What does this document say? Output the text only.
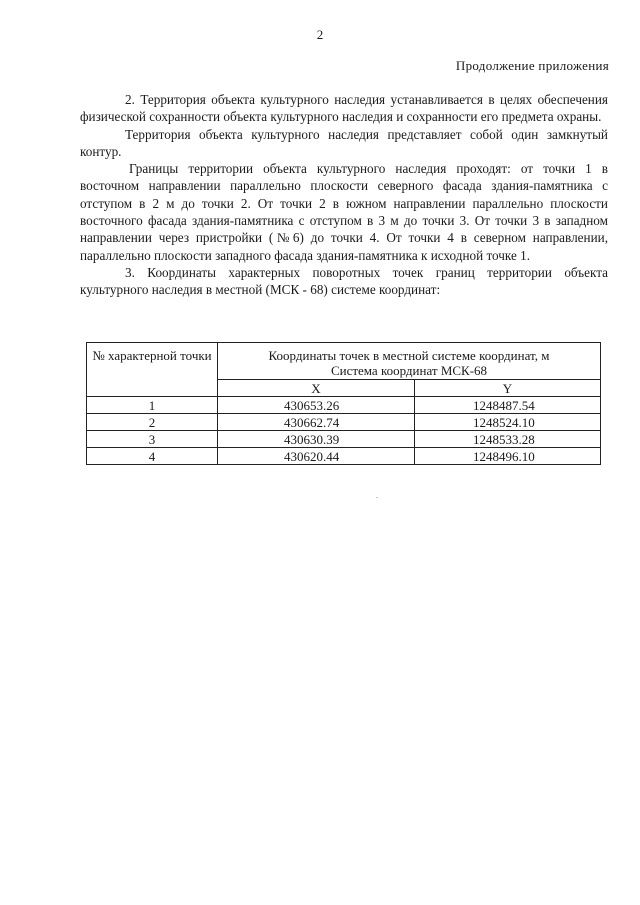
2
Продолжение приложения

2. Территория объекта культурного наследия устанавливается в целях обеспечения физической сохранности объекта культурного наследия и сохранности его предмета охраны.

Территория объекта культурного наследия представляет собой один замкнутый контур.

Границы территории объекта культурного наследия проходят: от точки 1 в восточном направлении параллельно плоскости северного фасада здания-памятника с отступом в 2 м до точки 2. От точки 2 в южном направлении параллельно плоскости восточного фасада здания-памятника с отступом в 3 м до точки 3. От точки 3 в западном направлении через пристройки (№6) до точки 4. От точки 4 в северном направлении, параллельно плоскости западного фасада здания-памятника к исходной точке 1.

3. Координаты характерных поворотных точек границ территории объекта культурного наследия в местной (МСК - 68) системе координат:

№ характерной точки	Координаты точек в местной системе координат, м
Система координат МСК-68	

	X	Y
1	430653.26	1248487.54
2	430662.74	1248524.10
3	430630.39	1248533.28
4	430620.44	1248496.10
